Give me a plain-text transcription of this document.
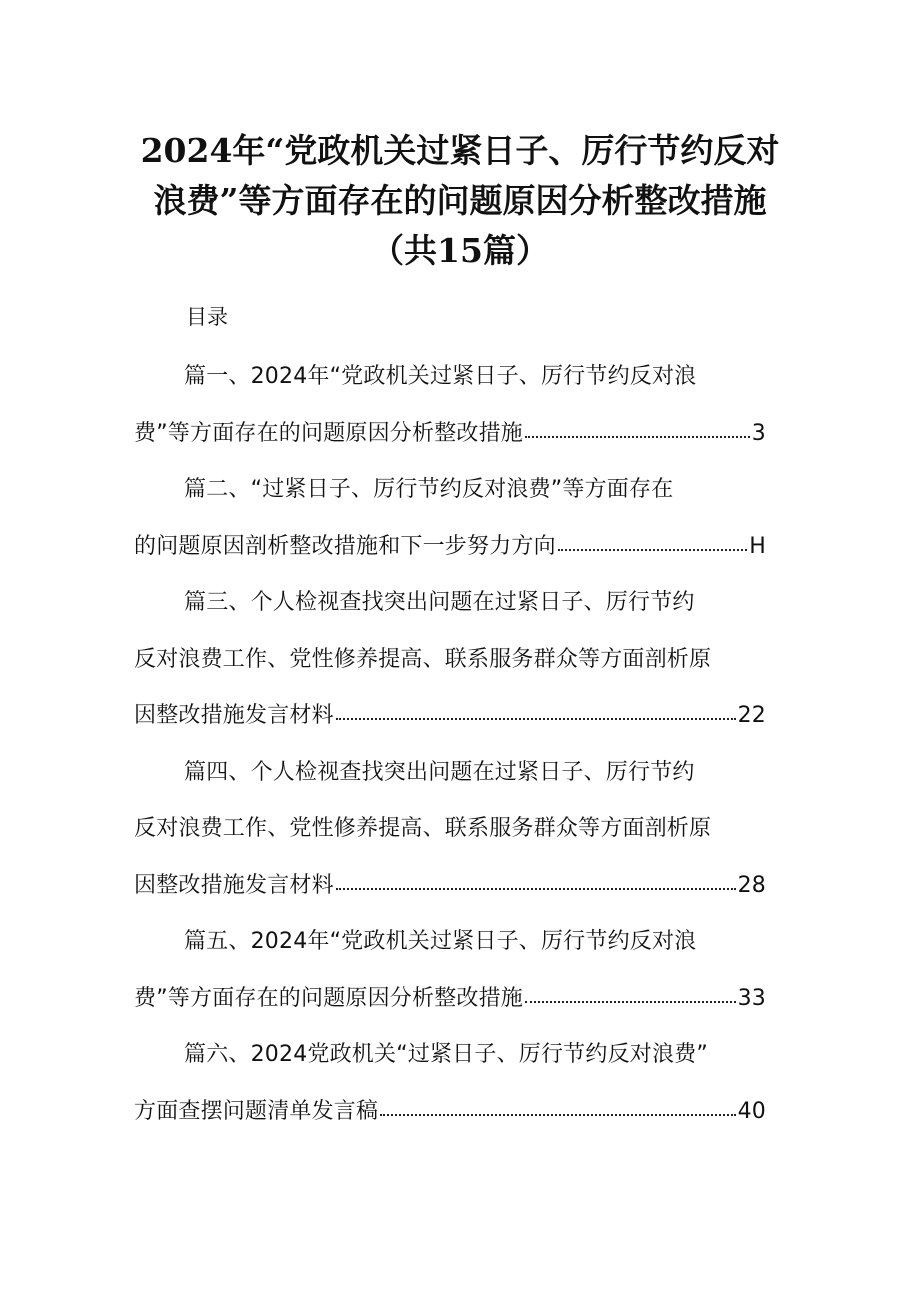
2024年“党政机关过紧日子、厉行节约反对
浪费”等方面存在的问题原因分析整改措施
（共15篇）
目录
篇一、2024年“党政机关过紧日子、厉行节约反对浪
费”等方面存在的问题原因分析整改措施	3
篇二、“过紧日子、厉行节约反对浪费”等方面存在
的问题原因剖析整改措施和下一步努力方向	H
篇三、个人检视查找突出问题在过紧日子、厉行节约
反对浪费工作、党性修养提高、联系服务群众等方面剖析原
因整改措施发言材料	22
篇四、个人检视查找突出问题在过紧日子、厉行节约
反对浪费工作、党性修养提高、联系服务群众等方面剖析原
因整改措施发言材料	28
篇五、2024年“党政机关过紧日子、厉行节约反对浪
费”等方面存在的问题原因分析整改措施	33
篇六、2024党政机关“过紧日子、厉行节约反对浪费”
方面查摆问题清单发言稿	40
